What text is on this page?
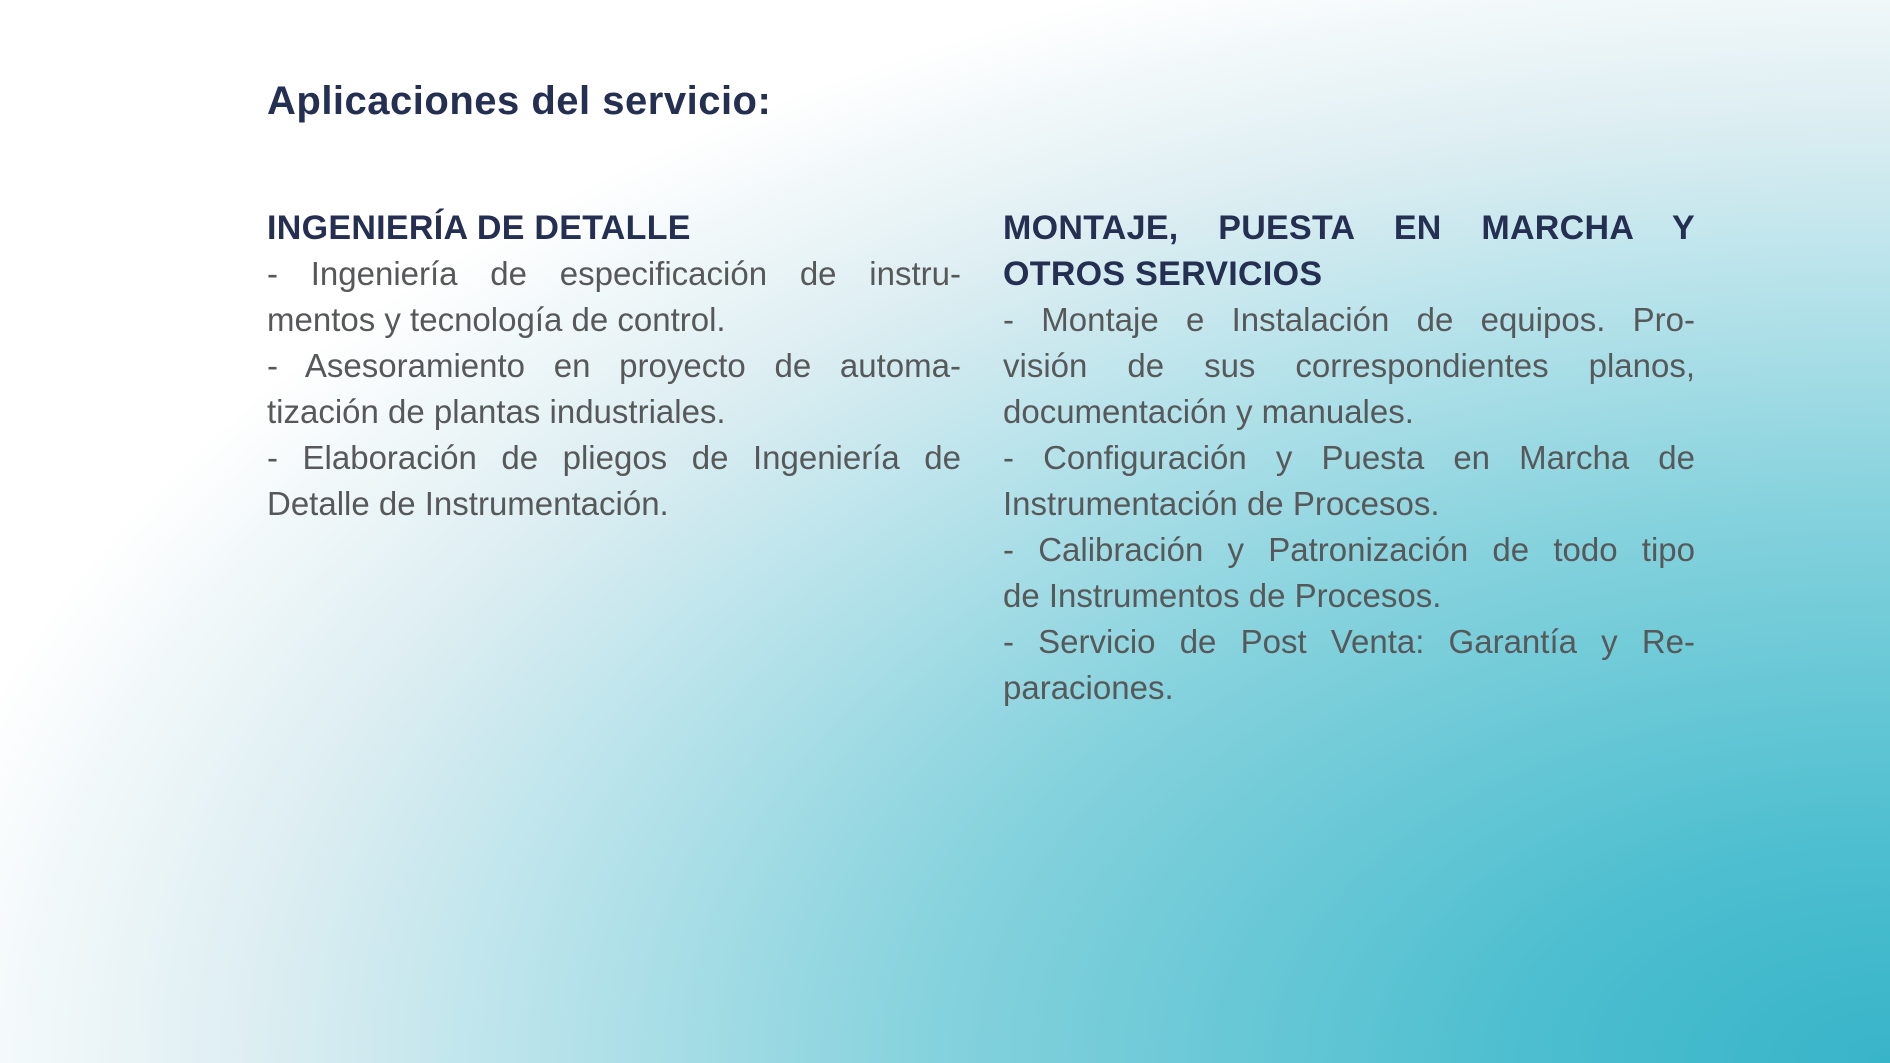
Aplicaciones del servicio:
INGENIERÍA DE DETALLE
- Ingeniería de especificación de instru-
mentos y tecnología de control.
- Asesoramiento en proyecto de automa-
tización de plantas industriales.
- Elaboración de pliegos de Ingeniería de
Detalle de Instrumentación.
MONTAJE, PUESTA EN MARCHA Y
OTROS SERVICIOS
- Montaje e Instalación de equipos. Pro-
visión de sus correspondientes planos,
documentación y manuales.
- Configuración y Puesta en Marcha de
Instrumentación de Procesos.
- Calibración y Patronización de todo tipo
de Instrumentos de Procesos.
- Servicio de Post Venta: Garantía y Re-
paraciones.
